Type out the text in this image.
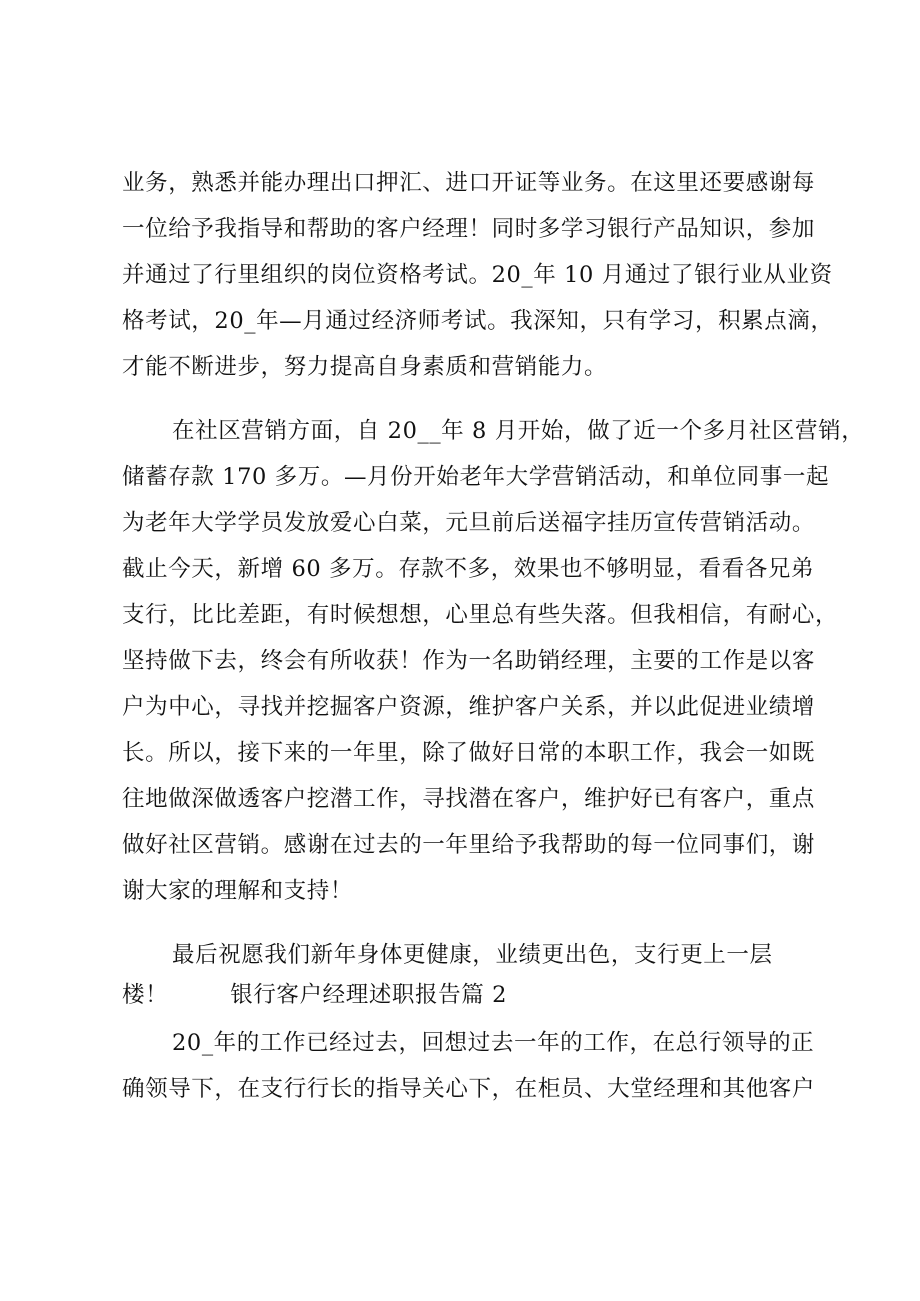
业务，熟悉并能办理出口押汇、进口开证等业务。在这里还要感谢每
一位给予我指导和帮助的客户经理！同时多学习银行产品知识，参加
并通过了行里组织的岗位资格考试。20_年 10 月通过了银行业从业资
格考试，20_年—月通过经济师考试。我深知，只有学习，积累点滴，
才能不断进步，努力提高自身素质和营销能力。
在社区营销方面，自 20__年 8 月开始，做了近一个多月社区营销，
储蓄存款 170 多万。—月份开始老年大学营销活动，和单位同事一起
为老年大学学员发放爱心白菜，元旦前后送福字挂历宣传营销活动。
截止今天，新增 60 多万。存款不多，效果也不够明显，看看各兄弟
支行，比比差距，有时候想想，心里总有些失落。但我相信，有耐心，
坚持做下去，终会有所收获！作为一名助销经理，主要的工作是以客
户为中心，寻找并挖掘客户资源，维护客户关系，并以此促进业绩增
长。所以，接下来的一年里，除了做好日常的本职工作，我会一如既
往地做深做透客户挖潜工作，寻找潜在客户，维护好已有客户，重点
做好社区营销。感谢在过去的一年里给予我帮助的每一位同事们，谢
谢大家的理解和支持！
最后祝愿我们新年身体更健康，业绩更出色，支行更上一层
楼！        银行客户经理述职报告篇 2
20_年的工作已经过去，回想过去一年的工作，在总行领导的正
确领导下，在支行行长的指导关心下，在柜员、大堂经理和其他客户
